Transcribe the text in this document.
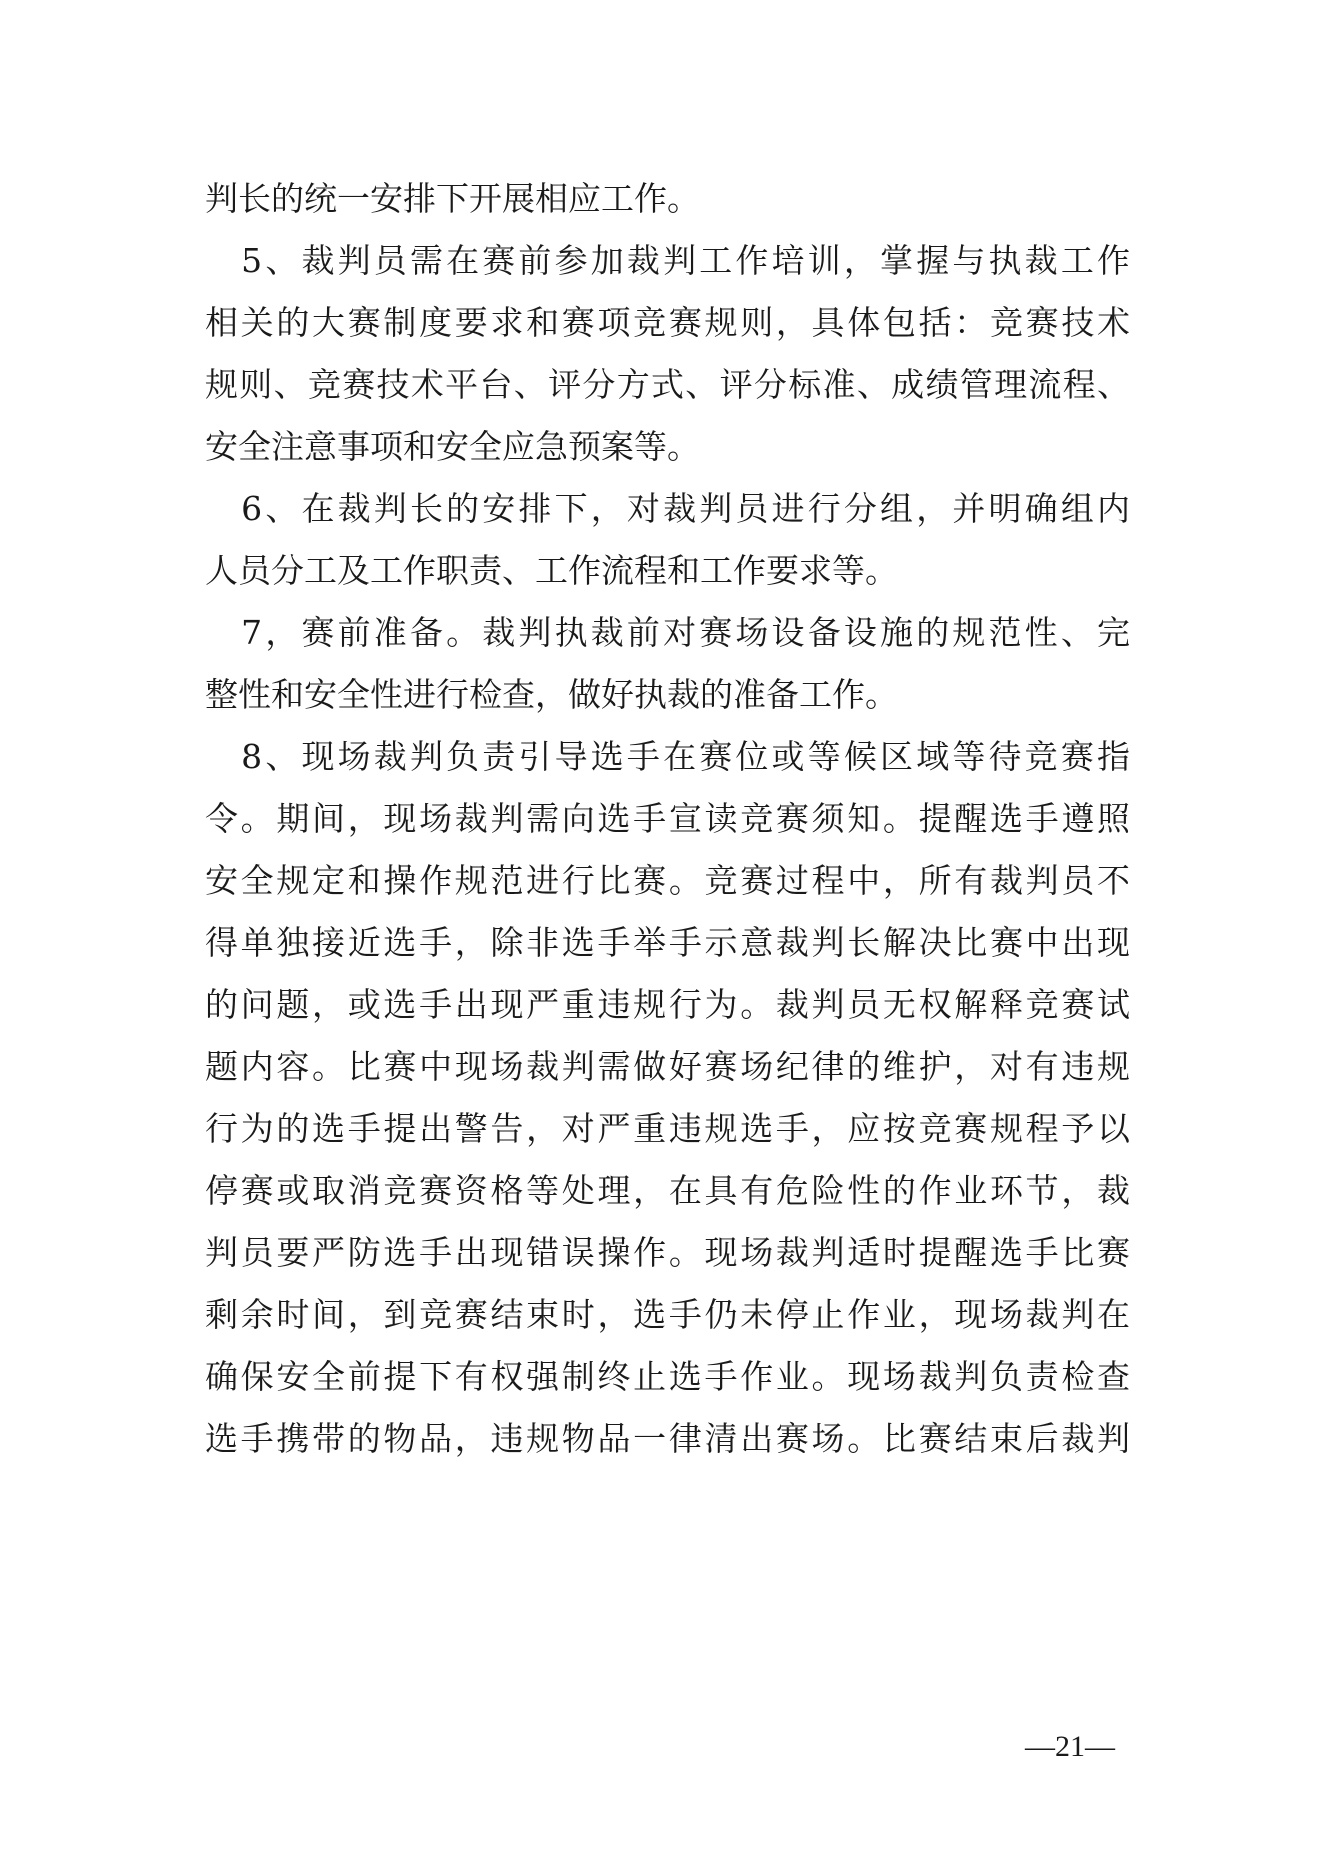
判长的统一安排下开展相应工作。
　5、裁判员需在赛前参加裁判工作培训，掌握与执裁工作
相关的大赛制度要求和赛项竞赛规则，具体包括：竞赛技术
规则、竞赛技术平台、评分方式、评分标准、成绩管理流程、
安全注意事项和安全应急预案等。
　6、在裁判长的安排下，对裁判员进行分组，并明确组内
人员分工及工作职责、工作流程和工作要求等。
　7，赛前准备。裁判执裁前对赛场设备设施的规范性、完
整性和安全性进行检查，做好执裁的准备工作。
　8、现场裁判负责引导选手在赛位或等候区域等待竞赛指
令。期间，现场裁判需向选手宣读竞赛须知。提醒选手遵照
安全规定和操作规范进行比赛。竞赛过程中，所有裁判员不
得单独接近选手，除非选手举手示意裁判长解决比赛中出现
的问题，或选手出现严重违规行为。裁判员无权解释竞赛试
题内容。比赛中现场裁判需做好赛场纪律的维护，对有违规
行为的选手提出警告，对严重违规选手，应按竞赛规程予以
停赛或取消竞赛资格等处理，在具有危险性的作业环节，裁
判员要严防选手出现错误操作。现场裁判适时提醒选手比赛
剩余时间，到竞赛结束时，选手仍未停止作业，现场裁判在
确保安全前提下有权强制终止选手作业。现场裁判负责检查
选手携带的物品，违规物品一律清出赛场。比赛结束后裁判
—21—
